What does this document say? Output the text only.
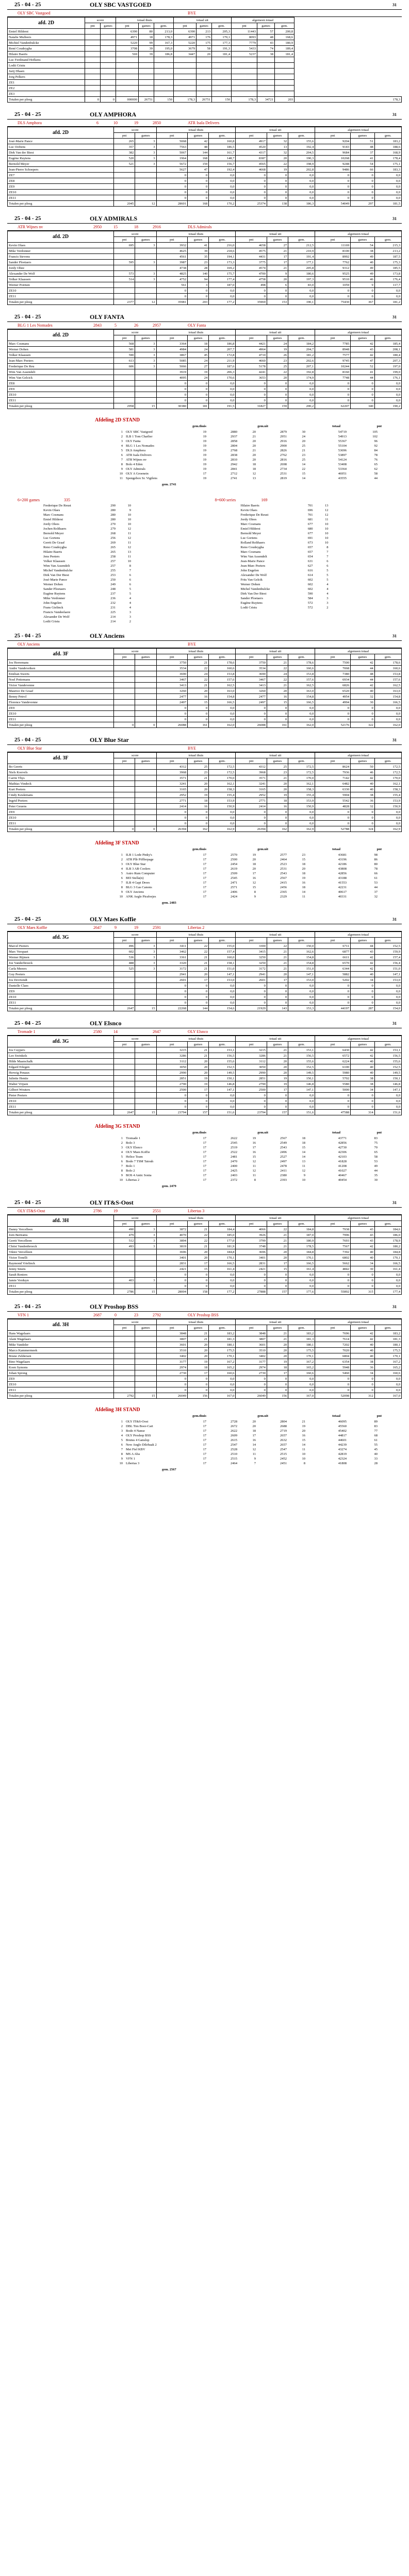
25 - 04 - 25	OLY SBC VASTGOED	31
OLY SBC Vastgoed	BYE
afd. 2D	score		totaal thuis			totaal uit			algemeen totaal			
	pnt	games	pnt	games	gem.	pnt	games	gem.	pnt	games	gem.	
Emiel Hilderst			6390	80	213,0	6390	213	205,3	11443	57	200,8	
Natalie Mulleers			4971	18	178,3	4971	176	170,1	8093	48	168,6	
Michiel Vandenbulcke			5220	99	167,3	5220	175	177,3	7779	43	180,9	
René Coudeygha			3708	39	195,0	3679	58	191,3	5433	74	189,4	
Hilaire Baerts			569	39	186,8	3447	20	181,4	5237	38	181,4	
Luc Ferdinand Hofkens												
Lodii Cristu												
Jurij Dhaen												
Jorg Pelkers												
ZE1												
ZE2												
ZE3												
Totalen per ploeg	0	0	000000	26751	150	178,3	26751	150	178,3	34721	203	178,3
25 - 04 - 25	OLY AMPHORA	31
DLS Amphora	6	10	19	2850	ATR Isala Delivers
afd. 2D	score		totaal thuis			totaal uit			algemeen totaal		
	pnt	games	pnt	games	gem.	pnt	games	gem.	pnt	games	gem.
José-Marie Pance	265	3	5068	42	160,8	4917	32	155,6	9204	51	183,2
Luc Ooftens	357	3	7563	48	186,5	4520	13	192,4	9143	48	188,6
Dirk Van der Biest	382	3	5067	144	161,7	4317	32	204,5	9684	37	168,9
Eugène Ruytens	520	3	1964	168	148,7	8387	20	190,3	10268	41	178,4
Bernold Meyer	521	3	5672	159	156,7	4565	22	198,9	9248	54	175,1
Jean-Pierre Schoepers			5627	47	192,4	4668	19	202,8	9486	66	183,3
ZE7			0	0	0,0	0	0	0,0	0	0	0,0
ZE8			0	0	0,0	0	0	0,0	0	0	0,0
ZE9			0	0	0,0	0	0	0,0	0	0	0,0
ZE10			0	0	0,0	0	0	0,0	0	0	0,0
ZE11			0	0	0,0	0	0	0,0	0	0	0,0
Totalen per ploeg	2045	12	28601	168	170,2	25374	138	186,3	54049	297	181,5
25 - 04 - 25	OLY ADMIRALS	31
ATR Wijnes nv	2950	15	18	2916	DLS Admirals
afd. 2D	score		totaal thuis			totaal uit			algemeen totaal		
	pnt	games	pnt	games	gem.	pnt	games	gem.	pnt	games	gem.
Kevin Olaes	695	3	3932	41	216,0	4658	27	212,5	11169	54	215,3
Mike Verdonner			4625	39	218,6	4575	21	210,9	8100	38	213,2
Francis Stevens			4561	35	194,1	4431	17	191,4	8992	49	187,5
Sander Ploetaers	595	3	3987	23	173,3	3775	17	177,1	7762	40	175,3
Jordy Oltee			4738	28	169,2	4574	21	205,8	9312	49	185,5
Alexander De Wolf	573	3	4825	140	175,7	4700	9	180,6	9525	49	173,8
Volker Klaassen	514	3	4752	94	177,4	4758	20	197,3	9510	46	176,4
Werner Poirnen			561	3	187,0	498	6	83,0	1059	9	117,7
ZE10			0	0	0,0	0	0	0,0	0	0	0,0
ZE11			0	0	0,0	0	0	0,0	0	0	0,0
Totalen per ploeg	2377	12	35981	203	177,2	35969	153	190,1	75430	367	181,2
25 - 04 - 25	OLY FANTA	31
BLG 1 Les Nomades	2843	5	26	2957	OLY Fanta
afd. 2D	score		totaal thuis			totaal uit			algemeen totaal		
	pnt	games	pnt	games	gem.	pnt	games	gem.	pnt	games	gem.
Marc Cosmans	568	3	3364	18	186,8	4421	24	184,2	7785	42	185,4
Werner Dohen	581	3	4984	24	207,7	4964	19	204,7	8948	43	208,1
Volker Klaassen	590	3	3867	45	172,8	4710	26	181,2	7577	42	180,4
Jean-Marc Peeters	613	3	5085	24	211,9	4660	23	202,6	9745	47	207,3
Frederique De Reu	606	3	5066	27	187,6	5178	25	207,1	10244	52	197,0
Wim Van Assendelt			3919	19	206,3	4241	22	192,8	8160	41	199,0
Wim Van Gelcick			4095	24	170,6	3653	20	174,9	7748	44	176,1
ZE8			0	0	0,0	0	0	0,0	0	0	0,0
ZE9			0	0	0,0	0	0	0,0	0	0	0,0
ZE10			0	0	0,0	0	0	0,0	0	0	0,0
ZE11			0	0	0,0	0	0	0,0	0	0	0,0
Totalen per ploeg	2958	15	30380	181	191,5	31827	159	200,2	62207	340	190,2
Afdeling 2D STAND
gem.thuis	gem.uit	totaal	pnt
1 OLY SBC Vastgoed	19	2880	20	2879	30	54719	105
2 ILB 1 Tom Charlier	19	2937	21	2951	24	54913	102
3 OLY Fanta	19	2858	20	2916	20	55367	96
4 BLG 1 Les Nomades	19	2804	20	2900	25	55104	92
5 DLS Amphora	19	2768	21	2826	21	53696	84
6 ATR Isala Delivers	19	2838	20	2762	23	53897	78
7 ATR Wijnes nv	19	2810	20	2816	25	54124	76
8 Bolo 4 Eden	19	2942	18	2698	14	53408	65
9 OLY Admirals	19	2841	18	2734	22	53364	62
10 OLY A Groenein	17	2712	12	2531	15	46951	58
11 Spongebox Sr. Vigilens	19	2741	13	2819	14	43555	44
gem. 2741
6+200 games	335
Frederique De Reust	290	10
Kevin Olaes	280	9
Marc Cosmans	280	10
Emiel Hilderst	280	10
Jordy Olees	270	10
Jochen Rolthaers	279	12
Bernold Meyer	268	11
Luc Gortens	256	12
Gerrit De Graaf	269	11
Reno Coudeygha	265	12
Hilaire Baerts	265	13
Jens Peeters	258	11
Volker Klaassen	257	10
Wim Van Assendelt	257	8
Michel Vandenbulcke	255	7
Dirk Van Der Biest	253	6
José-Marie Pance	250	6
Werner Dohen	249	6
Sander Ploetaers	248	5
Eugène Ruytens	237	5
Mike Verdonner	236	4
John Engelen	232	4
Frans Gielinck	231	4
Francis Vandeelaere	225	3
Alexander De Wolf	214	3
Lodii Cristu	214	2
8=600 series	169
Hilaire Baerts	701	13
Kevin Olaes	696	12
Frederique De Reust	701	12
Jordy Olees	681	11
Marc Cosmans	677	10
Emiel Hilderst	680	10
Bernold Meyer	677	10
Luc Gortens	691	10
Rolland Rolthaers	673	10
Reno Coudeygha	657	8
Marc Cosmans	657	7
Wim Van Assendelt	654	7
Jean-Marie Pance	631	6
Jean-Marc Peeters	627	6
John Engelen	616	5
Alexander De Wolf	614	5
Frits Van Gelcik	602	5
Werner Dohen	602	4
Michel Vandenbulcke	602	4
Dirk Van Der Biest	590	4
Sander Ploetaers	584	3
Eugène Ruytens	572	3
Lodii Cristu	572	2
25 - 04 - 25	OLY Anciens	31
OLY Anciens	BYE
afd. 3F	score		totaal thuis			totaal uit			algemeen totaal		
	pnt	games	pnt	games	gem.	pnt	games	gem.	pnt	games	gem.
Jos Herremans			3750	21	178,6	3750	21	178,6	7500	42	178,6
Andre Vandeveiken			3534	22	160,6	3534	22	160,6	7068	44	160,6
Emilian Swerts			3690	24	153,8	3690	24	153,8	7380	48	153,8
Noel Pottemans			3467	22	157,6	3467	22	157,6	6934	44	157,6
Victor Vandevenne			3413	21	162,5	3413	21	162,5	6826	42	162,5
Maurice De Graaf			3260	20	163,0	3260	20	163,0	6520	40	163,0
Benny Petrol			2477	16	154,8	2477	16	154,8	4954	32	154,8
Florence Vandevenne			2497	15	166,5	2497	15	166,5	4994	30	166,5
ZE9			0	0	0,0	0	0	0,0	0	0	0,0
ZE10			0	0	0,0	0	0	0,0	0	0	0,0
ZE11			0	0	0,0	0	0	0,0	0	0	0,0
Totalen per ploeg	0	0	26088	161	162,0	26088	161	162,0	52176	322	162,0
25 - 04 - 25	OLY Blue Star	31
OLY Blue Star	BYE
afd. 3F	score		totaal thuis			totaal uit			algemeen totaal		
	pnt	games	pnt	games	gem.	pnt	games	gem.	pnt	games	gem.
Bo Geerts			4312	25	172,5	4312	25	172,5	8624	50	172,5
Niels Koevels			3968	23	172,5	3968	23	172,5	7936	46	172,5
Carrie Thys			3571	21	170,0	3571	21	170,0	7142	42	170,0
Mathias Vindeck			3241	20	162,1	3241	20	162,1	6482	40	162,1
Kurt Peeters			3165	20	158,3	3165	20	158,3	6330	40	158,3
Cindy Keulemans			2952	19	155,4	2952	19	155,4	5904	38	155,4
Ingrid Peeters			2771	18	153,9	2771	18	153,9	5542	36	153,9
Peter Geuens			2414	16	150,9	2414	16	150,9	4828	32	150,9
ZE9			0	0	0,0	0	0	0,0	0	0	0,0
ZE10			0	0	0,0	0	0	0,0	0	0	0,0
ZE11			0	0	0,0	0	0	0,0	0	0	0,0
Totalen per ploeg	0	0	26394	162	162,9	26394	162	162,9	52788	324	162,9
Afdeling 3F STAND
gem.thuis	gem.uit	totaal	pnt
1 ILB 1 Lode Pinky's	17	2570	19	2577	23	43681	98
2 ATR Pllr Pifflerpage	17	2500	20	2464	15	43196	86
3 OLY Blue Star	17	2454	18	2523	18	42186	80
4 ILB 3 AB Coolers	17	2619	20	2531	20	43808	78
5 Astro Rum Computer	17	2509	17	2543	18	42856	66
6 BEI Stella(n)	17	2545	16	2567	19	43188	61
7 ILB 4 Gapi Drees	17	2471	12	2415	16	41553	53
8 BLG 3 Gas Canons	17	2571	15	2456	18	42231	44
9 OLY Anciens	17	2406	8	2365	14	40617	37
10 ANK Aegle Pirafoejes	17	2424	9	2329	11	40331	32
gem. 2483
25 - 04 - 25	OLY Maes Koffie	31
OLY Maes Koffie	2647	9	19	2591	Libertas 2
afd. 3G	score		totaal thuis			totaal uit			algemeen totaal		
	pnt	games	pnt	games	gem.	pnt	games	gem.	pnt	games	gem.
Marcel Peeters	496	3	3411	22	155,0	3300	22	150,0	6711	44	152,5
Marc Verspaet	602	3	3462	22	157,4	3415	21	162,6	6877	43	159,9
Werner Rijmen	536	3	3361	21	160,0	3250	21	154,8	6611	42	157,4
Joe Vanderbroeck	488	3	3320	21	158,1	3250	21	154,8	6570	42	156,4
Carla Meeers	525	3	3172	21	151,0	3172	21	151,0	6344	42	151,0
Guy Peeters			2941	20	147,1	2941	20	147,1	5882	40	147,1
Jos Devriendt			2601	17	153,0	2601	17	153,0	5202	34	153,0
Danielle Claes			0	0	0,0	0	0	0,0	0	0	0,0
ZE9			0	0	0,0	0	0	0,0	0	0	0,0
ZE10			0	0	0,0	0	0	0,0	0	0	0,0
ZE11			0	0	0,0	0	0	0,0	0	0	0,0
Totalen per ploeg	2647	15	22268	144	154,6	21929	143	153,3	44197	287	154,0
25 - 04 - 25	OLY Elsnco	31
Tromade 1	2580	14	2647	OLY Elsnco
afd. 3G	score		totaal thuis			totaal uit			algemeen totaal		
	pnt	games	pnt	games	gem.	pnt	games	gem.	pnt	games	gem.
Jos Cuypers			3215	21	153,1	3215	21	153,1	6430	42	153,1
Leo Swinkels			3286	21	156,5	3286	21	156,5	6572	42	156,5
Hilde Maarschalk			3112	20	155,6	3112	20	155,6	6224	40	155,6
Edgard Eilegen			3050	20	152,5	3050	20	152,5	6100	40	152,5
Herwig Penaux			2990	20	149,5	2990	20	149,5	5980	40	149,5
Juliette Hentie			2851	19	150,1	2851	19	150,1	5702	38	150,1
Walter Vrijsen			2790	19	146,8	2790	19	146,8	5580	38	146,8
Gilbert Wouters			2500	17	147,1	2500	17	147,1	5000	34	147,1
Pieter Peeters			0	0	0,0	0	0	0,0	0	0	0,0
ZE10			0	0	0,0	0	0	0,0	0	0	0,0
ZE11			0	0	0,0	0	0	0,0	0	0	0,0
Totalen per ploeg	2647	15	23794	157	151,6	23794	157	151,6	47588	314	151,6
Afdeling 3G STAND
gem.thuis	gem.uit	totaal	pnt
1 Tromade 1	17	2622	19	2567	18	43771	83
2 Bolo 3	17	2545	16	2549	18	42856	75
3 OLY Elsnco	17	2519	17	2543	15	42730	70
4 OLY Maes Koffie	17	2522	16	2496	14	42306	65
5 Helice Team	17	2481	15	2527	14	42103	58
6 Bodo 7 TSM Tatouh	17	2470	12	2497	13	41828	53
7 Bolo 1	17	2400	11	2478	11	41208	49
8 Bolo 2	17	2425	12	2411	12	41027	44
9 BOS 4 Antic Sonia	17	2403	11	2380	9	40467	35
10 Libertas 2	17	2372	8	2393	10	40454	30
gem. 2479
25 - 04 - 25	OLY IT&S-Oost	31
OLY IT&S-Oost	2786	19	2551	Libertas 3
afd. 3H	score		totaal thuis			totaal uit			algemeen totaal		
	pnt	games	pnt	games	gem.	pnt	games	gem.	pnt	games	gem.
Danny Vercelleen	490	3	3872	21	184,4	4066	22	184,8	7938	43	184,6
Jorn Bertrams	479	3	4070	22	185,0	3926	21	187,0	7996	43	186,0
Gerrit Vercelleen	512	3	3894	22	177,0	3799	21	180,9	7693	43	178,9
Christ Vandenbroeck	493	3	3819	21	181,9	3748	21	178,5	7567	42	180,2
Viktor Vercelleen			3696	20	184,8	3696	20	184,8	7392	40	184,8
Victor Tonelli			3401	20	170,1	3401	20	170,1	6802	40	170,1
Raymond Vrielinck			2831	17	166,5	2831	17	166,5	5662	34	166,5
Jenny Smets			2421	15	161,4	2421	15	161,4	4842	30	161,4
Sarah Reniers			0	0	0,0	0	0	0,0	0	0	0,0
Jamie Verduyn	403	3	0	0	0,0	0	0	0,0	0	0	0,0
ZE11			0	0	0,0	0	0	0,0	0	0	0,0
Totalen per ploeg	2786	15	28004	158	177,2	27888	157	177,6	55892	315	177,4
25 - 04 - 25	OLY Proshop BSS	31
VFN 1	2687	0	23	2792	OLY Proshop BSS
afd. 3H	score		totaal thuis			totaal uit			algemeen totaal		
	pnt	games	pnt	games	gem.	pnt	games	gem.	pnt	games	gem.
Hans Wagelaars			3848	21	183,2	3848	21	183,2	7696	42	183,2
Alain Wagelaars			3807	21	181,3	3807	21	181,3	7614	42	181,3
Mike Vandeler			3601	20	180,1	3601	20	180,1	7202	40	180,1
Marco Kammermeek			3510	20	175,5	3510	20	175,5	7020	40	175,5
Bruno Zeldersen			3402	20	170,1	3402	20	170,1	6804	40	170,1
Rino Wagelaars			3177	19	167,2	3177	19	167,2	6354	38	167,2
Koen Symons			2974	18	165,2	2974	18	165,2	5948	36	165,2
Johan Sprong			2730	17	160,6	2730	17	160,6	5460	34	160,6
ZE9			0	0	0,0	0	0	0,0	0	0	0,0
ZE10			0	0	0,0	0	0	0,0	0	0	0,0
ZE11			0	0	0,0	0	0	0,0	0	0	0,0
Totalen per ploeg	2792	15	26049	156	167,0	26049	156	167,0	52098	312	167,0
Afdeling 3H STAND
gem.thuis	gem.uit	totaal	pnt
1 OLY IT&S-Oost	17	2728	20	2804	21	46095	89
2 DBL Tim Boor-Cart	17	2672	20	2688	19	45560	83
3 Bodo 4 Nanse	17	2622	18	2719	20	45402	77
4 OLY Proshop BSS	17	2609	17	2657	16	44817	68
5 Brutus 4 Ganslop	17	2615	16	2632	15	44601	61
6 New Anglo Dilebaak 2	17	2547	14	2657	14	44239	55
7 Met Fiel KBV	17	2528	12	2547	11	43274	45
8 MS A Aba	17	2510	11	2515	10	42819	40
9 VFN 1	17	2515	9	2452	10	42324	33
10 Libertas 3	17	2464	7	2451	8	41808	28
gem. 2567
